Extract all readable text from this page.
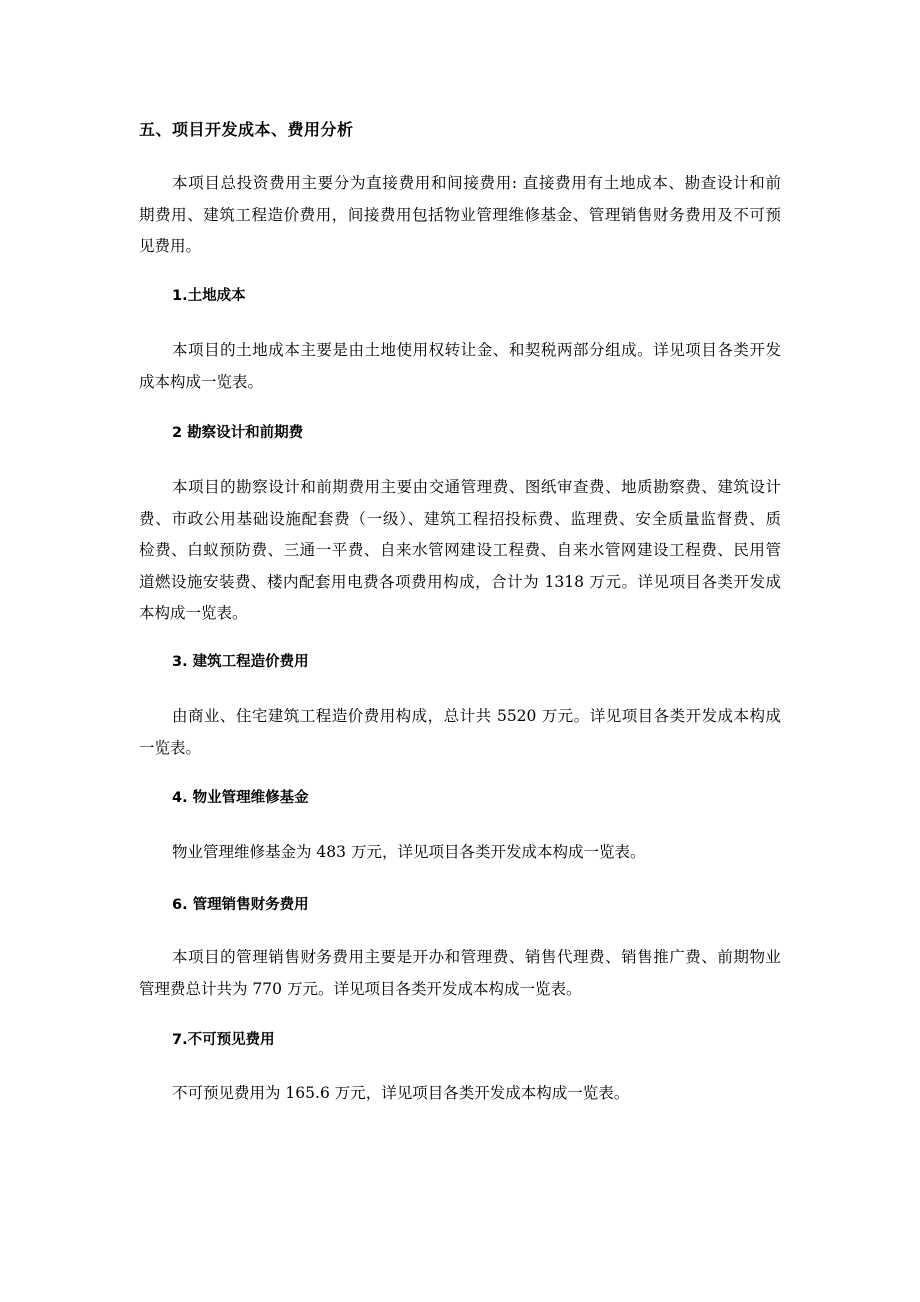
五、项目开发成本、费用分析
本项目总投资费用主要分为直接费用和间接费用: 直接费用有土地成本、勘查设计和前
期费用、建筑工程造价费用，间接费用包括物业管理维修基金、管理销售财务费用及不可预
见费用。
1.土地成本
本项目的土地成本主要是由土地使用权转让金、和契税两部分组成。详见项目各类开发
成本构成一览表。
2 勘察设计和前期费
本项目的勘察设计和前期费用主要由交通管理费、图纸审查费、地质勘察费、建筑设计
费、市政公用基础设施配套费（一级）、建筑工程招投标费、监理费、安全质量监督费、质
检费、白蚁预防费、三通一平费、自来水管网建设工程费、自来水管网建设工程费、民用管
道燃设施安装费、楼内配套用电费各项费用构成，合计为 1318 万元。详见项目各类开发成
本构成一览表。
3. 建筑工程造价费用
由商业、住宅建筑工程造价费用构成，总计共 5520 万元。详见项目各类开发成本构成
一览表。
4. 物业管理维修基金
物业管理维修基金为 483 万元，详见项目各类开发成本构成一览表。
6. 管理销售财务费用
本项目的管理销售财务费用主要是开办和管理费、销售代理费、销售推广费、前期物业
管理费总计共为 770 万元。详见项目各类开发成本构成一览表。
7.不可预见费用
不可预见费用为 165.6 万元，详见项目各类开发成本构成一览表。
